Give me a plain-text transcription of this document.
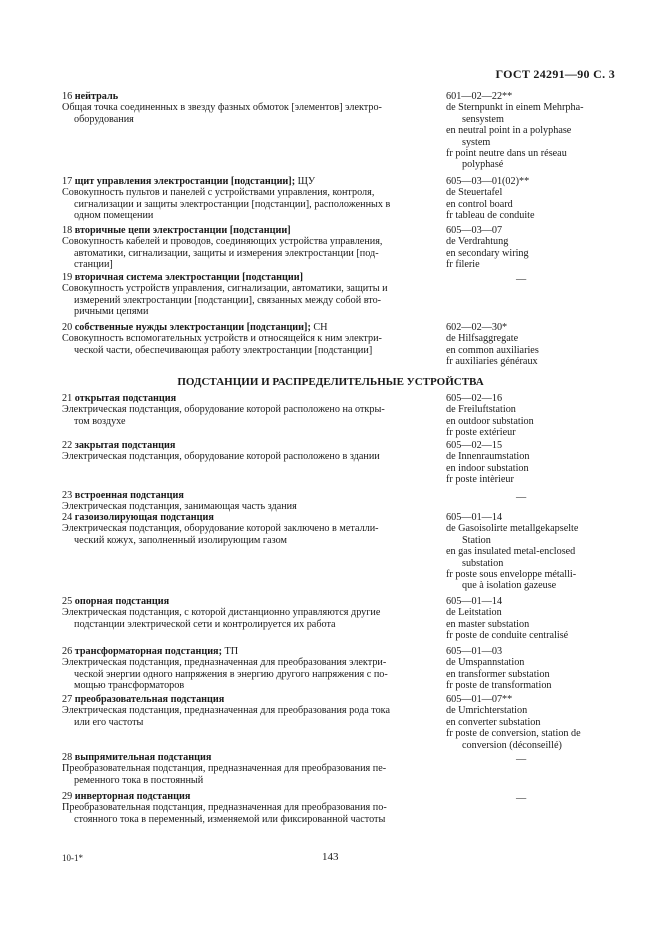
ГОСТ 24291—90 С. 3
ПОДСТАНЦИИ И РАСПРЕДЕЛИТЕЛЬНЫЕ УСТРОЙСТВА
16 нейтраль
Общая точка соединенных в звезду фазных обмоток [элементов] электро-
оборудования
601—02—22**
de Sternpunkt in einem Mehrpha-
sensystem
en neutral point in a polyphase
system
fr point neutre dans un réseau
polyphasé
17 щит управления электростанции [подстанции]; ЩУ
Совокупность пультов и панелей с устройствами управления, контроля,
сигнализации и защиты электростанции [подстанции], расположенных в
одном помещении
605—03—01(02)**
de Steuertafel
en control board
fr tableau de conduite
18 вторичные цепи электростанции [подстанции]
Совокупность кабелей и проводов, соединяющих устройства управления,
автоматики, сигнализации, защиты и измерения электростанции [под-
станции]
605—03—07
de Verdrahtung
en secondary wiring
fr filerie
19 вторичная система электростанции [подстанции]
Совокупность устройств управления, сигнализации, автоматики, защиты и
измерений электростанции [подстанции], связанных между собой вто-
ричными цепями
—
20 собственные нужды электростанции [подстанции]; СН
Совокупность вспомогательных устройств и относящейся к ним электри-
ческой части, обеспечивающая работу электростанции [подстанции]
602—02—30*
de Hilfsaggregate
en common auxiliaries
fr auxiliaries généraux
21 открытая подстанция
Электрическая подстанция, оборудование которой расположено на откры-
том воздухе
605—02—16
de Freiluftstation
en outdoor substation
fr poste extérieur
22 закрытая подстанция
Электрическая подстанция, оборудование которой расположено в здании
605—02—15
de Innenraumstation
en indoor substation
fr poste intèrieur
23 встроенная подстанция
Электрическая подстанция, занимающая часть здания
—
24 газоизолирующая подстанция
Электрическая подстанция, оборудование которой заключено в металли-
ческий кожух, заполненный изолирующим газом
605—01—14
de Gasoisolirte metallgekapselte
Station
en gas insulated metal-enclosed
substation
fr poste sous enveloppe métalli-
que à isolation gazeuse
25 опорная подстанция
Электрическая подстанция, с которой дистанционно управляются другие
подстанции электрической сети и контролируется их работа
605—01—14
de Leitstation
en master substation
fr poste de conduite centralisé
26 трансформаторная подстанция; ТП
Электрическая подстанция, предназначенная для преобразования электри-
ческой энергии одного напряжения в энергию другого напряжения с по-
мощью трансформаторов
605—01—03
de Umspannstation
en transformer substation
fr poste de transformation
27 преобразовательная подстанция
Электрическая подстанция, предназначенная для преобразования рода тока
или его частоты
605—01—07**
de Umrichterstation
en converter substation
fr poste de conversion, station de
conversion (déconseillé)
28 выпрямительная подстанция
Преобразовательная подстанция, предназначенная для преобразования пе-
ременного тока в постоянный
—
29 инверторная подстанция
Преобразовательная подстанция, предназначенная для преобразования по-
стоянного тока в переменный, изменяемой или фиксированной частоты
—
10-1*	143
